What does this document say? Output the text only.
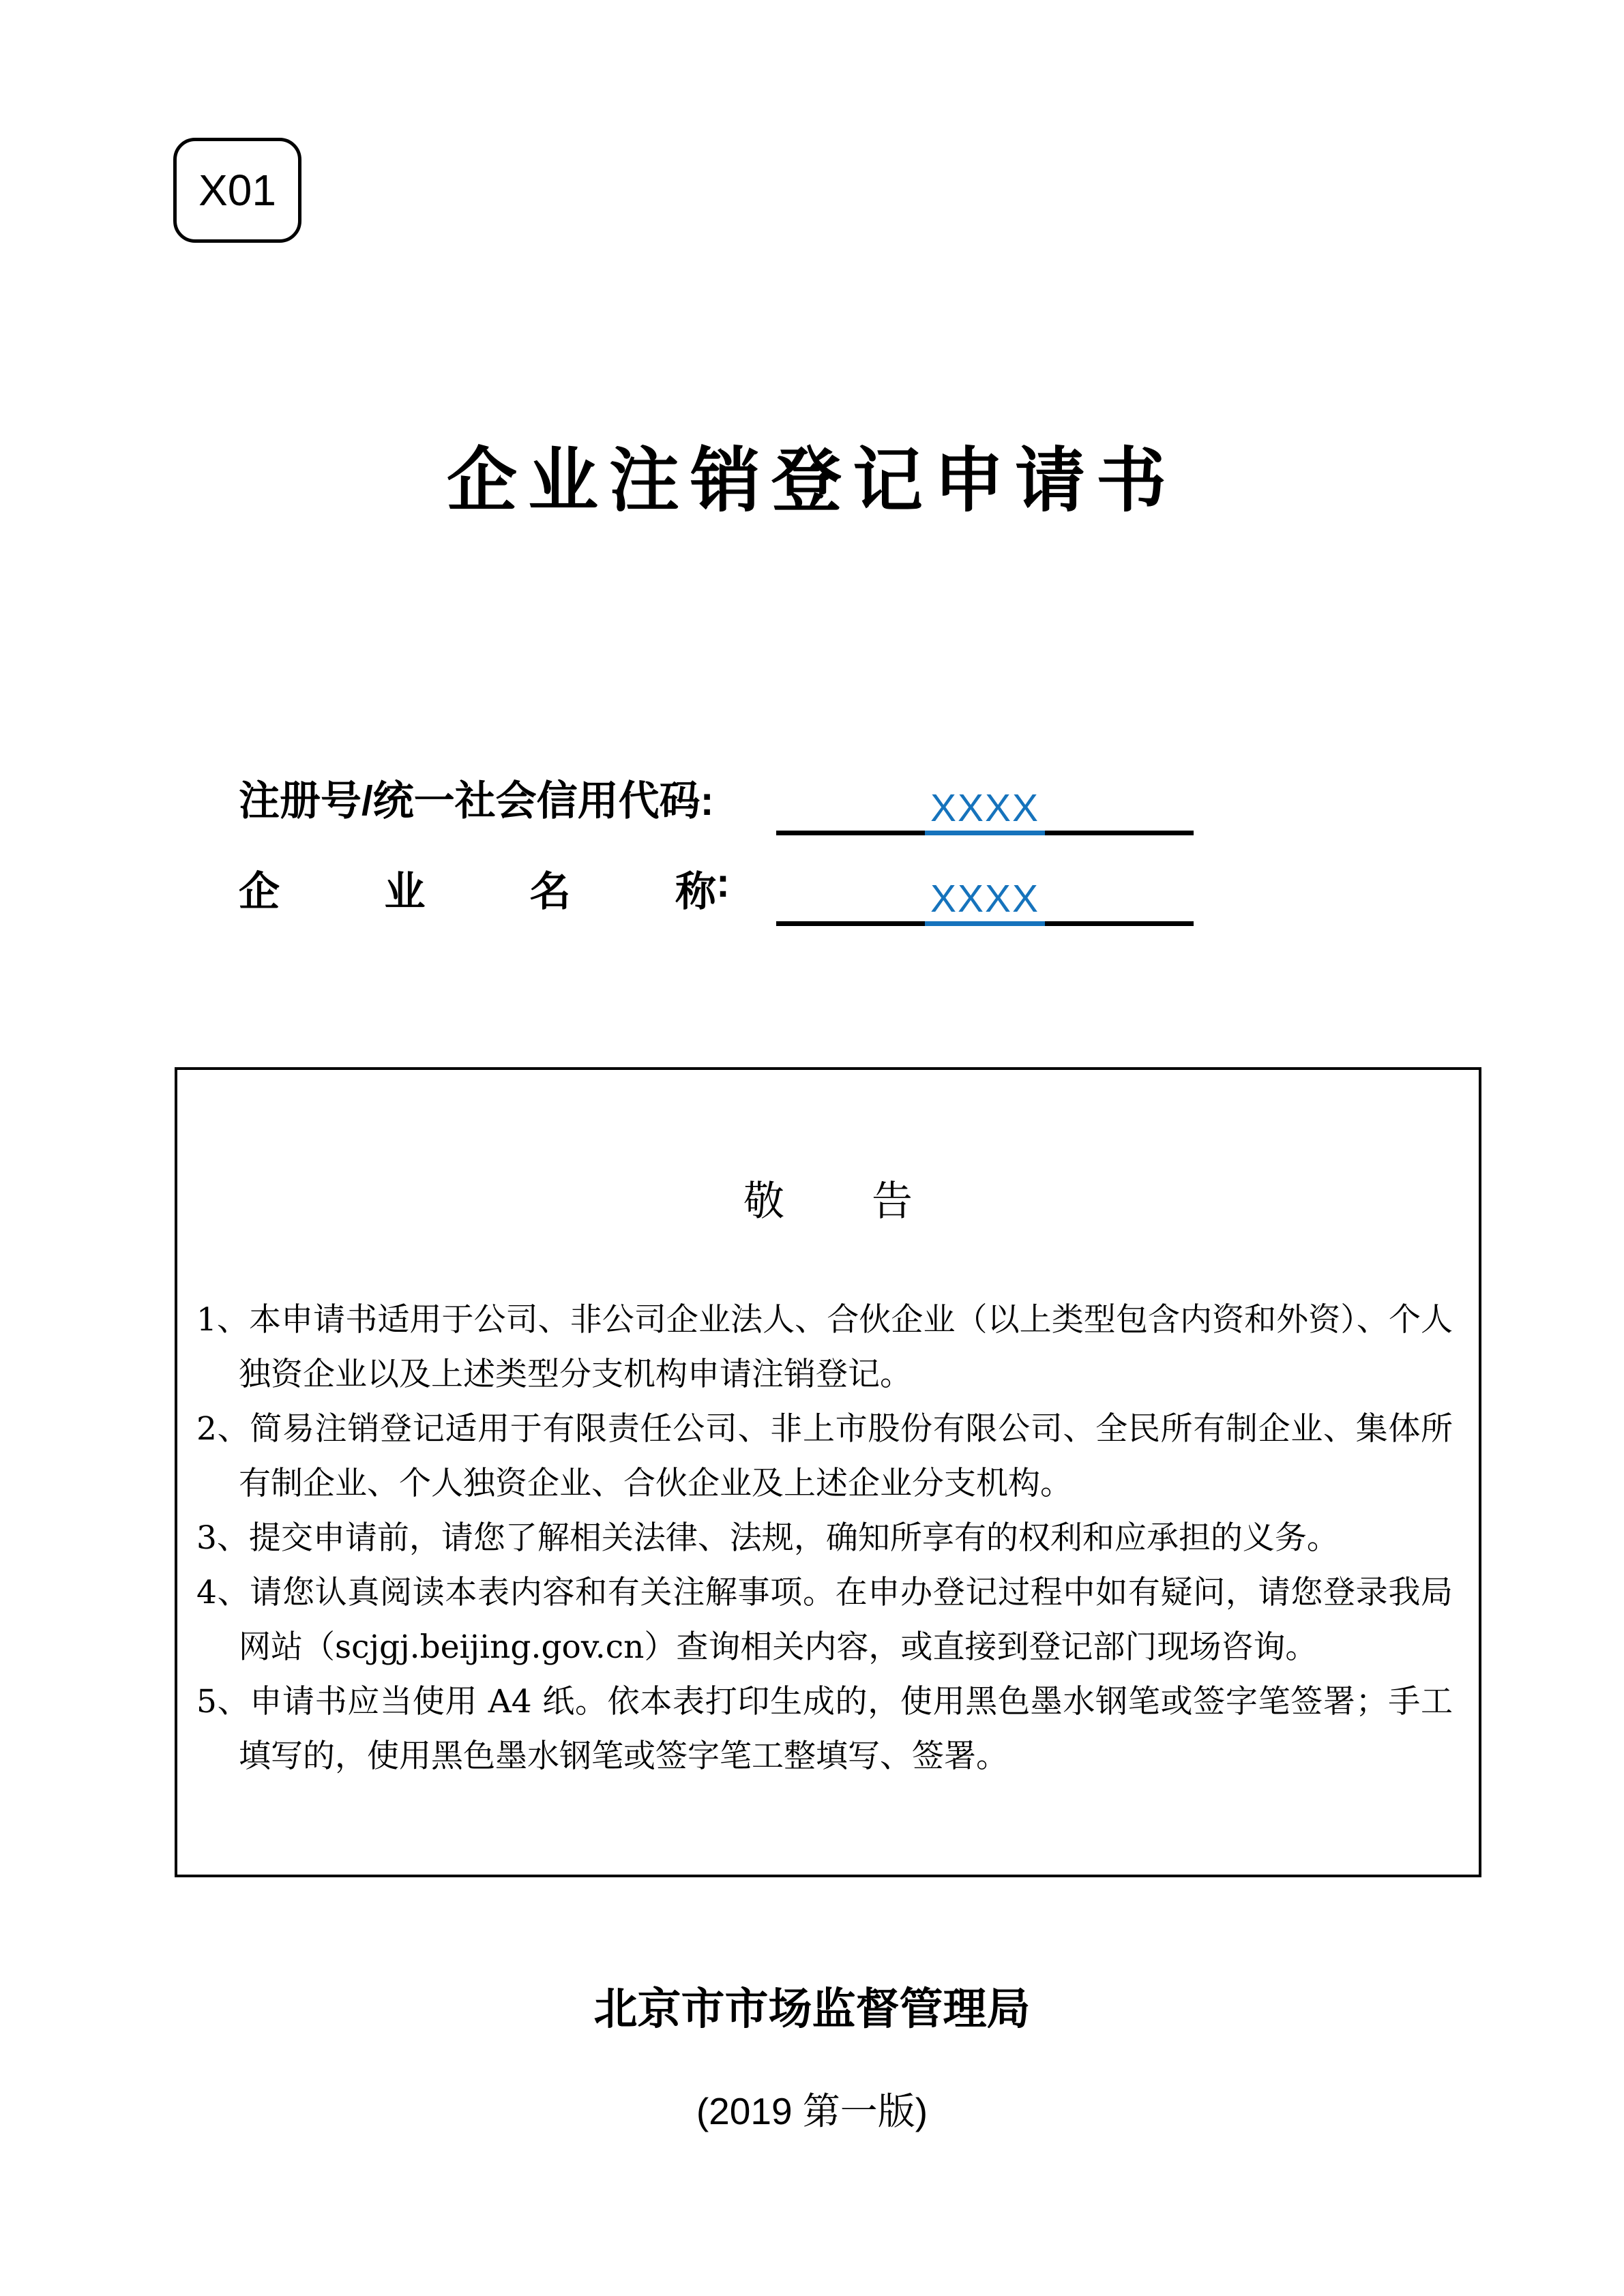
X01
企业注销登记申请书
注册号/统一社会信用代码:	XXXX
企	业	名	称 :	XXXX
敬 告
1、本申请书适用于公司、非公司企业法人、合伙企业（以上类型包含内资和外资）、个人独资企业以及上述类型分支机构申请注销登记。
2、简易注销登记适用于有限责任公司、非上市股份有限公司、全民所有制企业、集体所有制企业、个人独资企业、合伙企业及上述企业分支机构。
3、提交申请前，请您了解相关法律、法规，确知所享有的权利和应承担的义务。
4、请您认真阅读本表内容和有关注解事项。在申办登记过程中如有疑问，请您登录我局网站（scjgj.beijing.gov.cn）查询相关内容，或直接到登记部门现场咨询。
5、申请书应当使用 A4 纸。依本表打印生成的，使用黑色墨水钢笔或签字笔签署；手工填写的，使用黑色墨水钢笔或签字笔工整填写、签署。
北京市市场监督管理局
(2019 第一版)
